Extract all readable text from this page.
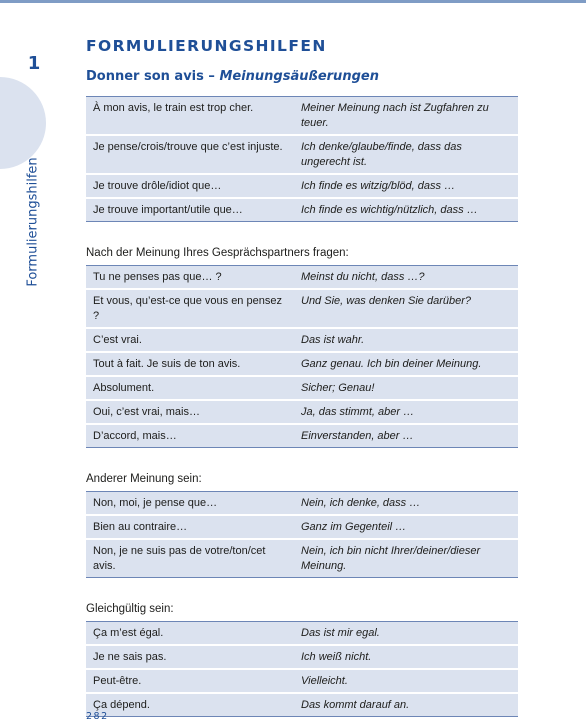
1
Formulierungshilfen
FORMULIERUNGSHILFEN
Donner son avis – Meinungsäußerungen
À mon avis, le train est trop cher.	Meiner Meinung nach ist Zugfahren zu teuer.
Je pense/crois/trouve que c’est injuste.	Ich denke/glaube/finde, dass das ungerecht ist.
Je trouve drôle/idiot que…	Ich finde es witzig/blöd, dass …
Je trouve important/utile que…	Ich finde es wichtig/nützlich, dass …

Nach der Meinung Ihres Gesprächspartners fragen:

Tu ne penses pas que… ?	Meinst du nicht, dass …?
Et vous, qu’est-ce que vous en pensez ?	Und Sie, was denken Sie darüber?
C’est vrai.	Das ist wahr.
Tout à fait. Je suis de ton avis.	Ganz genau. Ich bin deiner Meinung.
Absolument.	Sicher; Genau!
Oui, c’est vrai, mais…	Ja, das stimmt, aber …
D’accord, mais…	Einverstanden, aber …

Anderer Meinung sein:

Non, moi, je pense que…	Nein, ich denke, dass …
Bien au contraire…	Ganz im Gegenteil …
Non, je ne suis pas de votre/ton/cet avis.	Nein, ich bin nicht Ihrer/deiner/dieser Meinung.

Gleichgültig sein:

Ça m’est égal.	Das ist mir egal.
Je ne sais pas.	Ich weiß nicht.
Peut-être.	Vielleicht.
Ça dépend.	Das kommt darauf an.
282
